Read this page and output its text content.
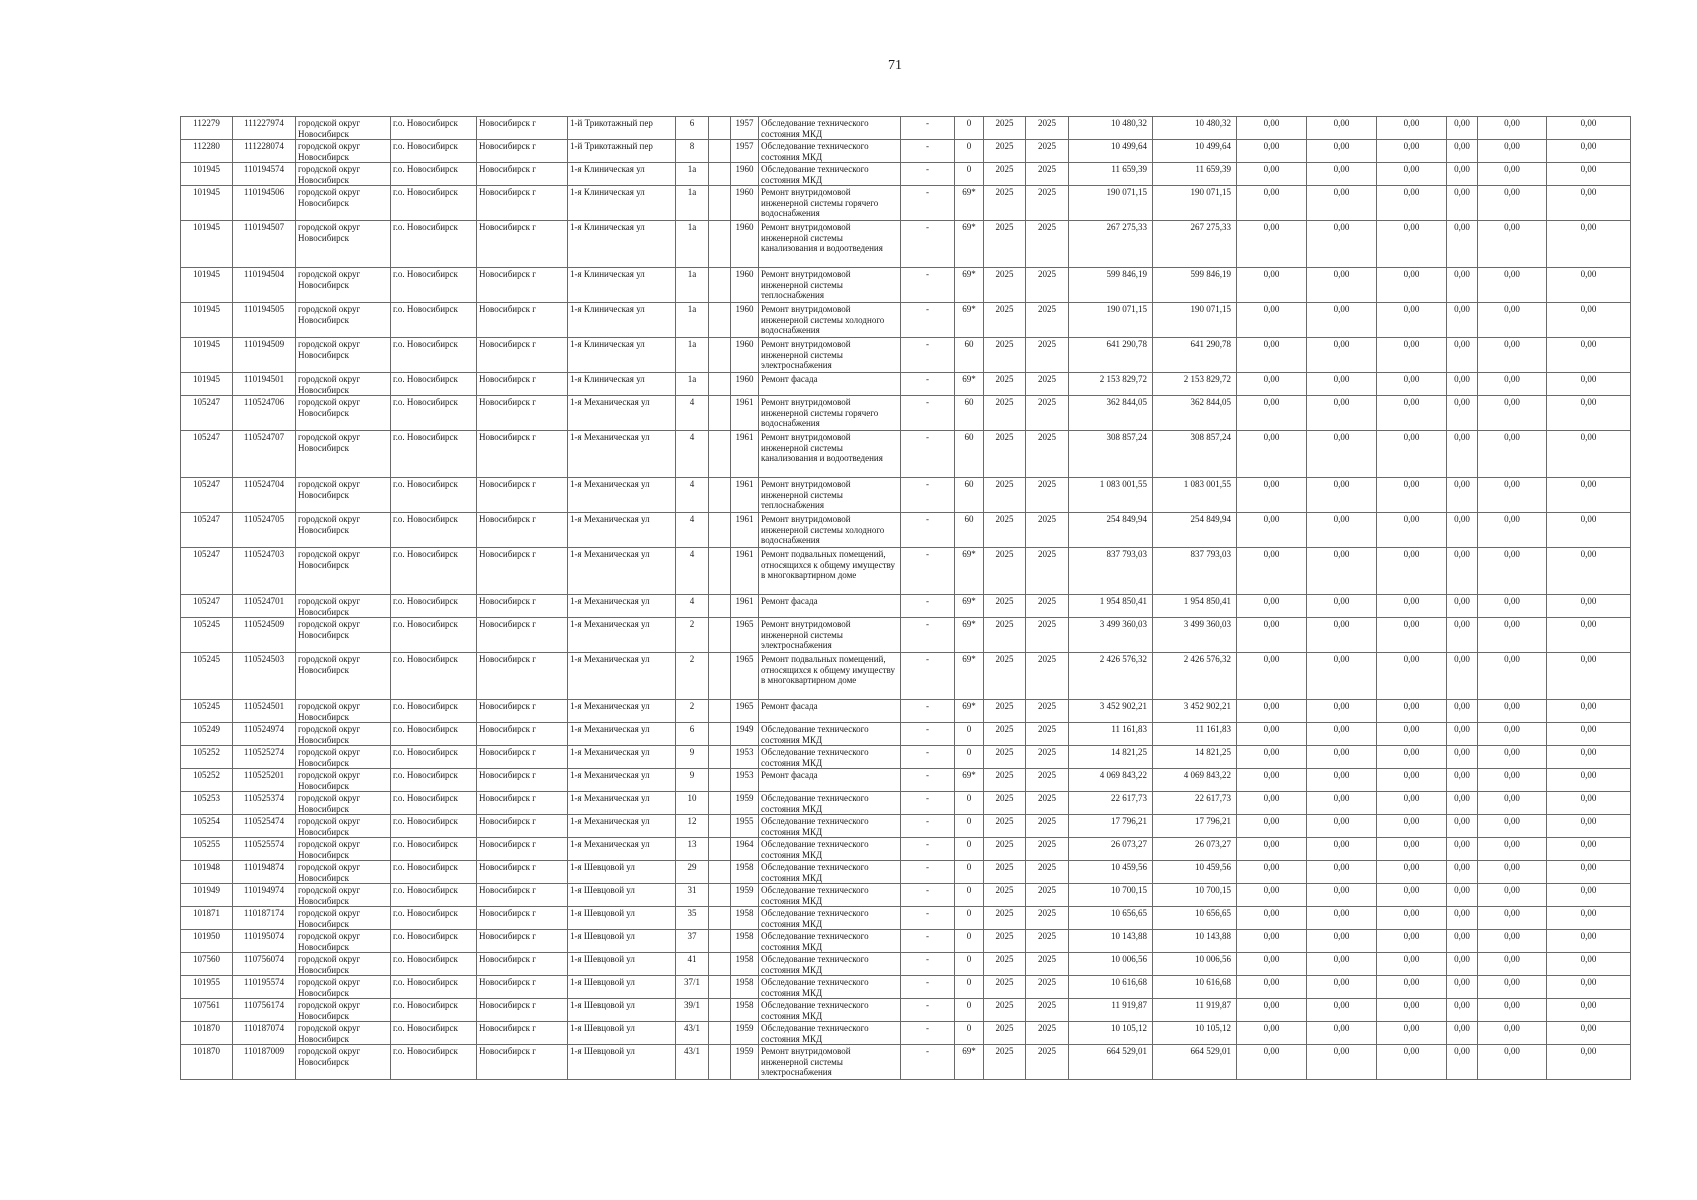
71
112279	111227974	городской округ Новосибирск	г.о. Новосибирск	Новосибирск г	1-й Трикотажный пер	6		1957	Обследование технического состояния МКД	-	0	2025	2025	10 480,32	10 480,32	0,00	0,00	0,00	0,00	0,00	0,00
112280	111228074	городской округ Новосибирск	г.о. Новосибирск	Новосибирск г	1-й Трикотажный пер	8		1957	Обследование технического состояния МКД	-	0	2025	2025	10 499,64	10 499,64	0,00	0,00	0,00	0,00	0,00	0,00
101945	110194574	городской округ Новосибирск	г.о. Новосибирск	Новосибирск г	1-я Клиническая ул	1а		1960	Обследование технического состояния МКД	-	0	2025	2025	11 659,39	11 659,39	0,00	0,00	0,00	0,00	0,00	0,00
101945	110194506	городской округ Новосибирск	г.о. Новосибирск	Новосибирск г	1-я Клиническая ул	1а		1960	Ремонт внутридомовой инженерной системы горячего водоснабжения	-	69*	2025	2025	190 071,15	190 071,15	0,00	0,00	0,00	0,00	0,00	0,00
101945	110194507	городской округ Новосибирск	г.о. Новосибирск	Новосибирск г	1-я Клиническая ул	1а		1960	Ремонт внутридомовой инженерной системы канализования и водоотведения	-	69*	2025	2025	267 275,33	267 275,33	0,00	0,00	0,00	0,00	0,00	0,00
101945	110194504	городской округ Новосибирск	г.о. Новосибирск	Новосибирск г	1-я Клиническая ул	1а		1960	Ремонт внутридомовой инженерной системы теплоснабжения	-	69*	2025	2025	599 846,19	599 846,19	0,00	0,00	0,00	0,00	0,00	0,00
101945	110194505	городской округ Новосибирск	г.о. Новосибирск	Новосибирск г	1-я Клиническая ул	1а		1960	Ремонт внутридомовой инженерной системы холодного водоснабжения	-	69*	2025	2025	190 071,15	190 071,15	0,00	0,00	0,00	0,00	0,00	0,00
101945	110194509	городской округ Новосибирск	г.о. Новосибирск	Новосибирск г	1-я Клиническая ул	1а		1960	Ремонт внутридомовой инженерной системы электроснабжения	-	60	2025	2025	641 290,78	641 290,78	0,00	0,00	0,00	0,00	0,00	0,00
101945	110194501	городской округ Новосибирск	г.о. Новосибирск	Новосибирск г	1-я Клиническая ул	1а		1960	Ремонт фасада	-	69*	2025	2025	2 153 829,72	2 153 829,72	0,00	0,00	0,00	0,00	0,00	0,00
105247	110524706	городской округ Новосибирск	г.о. Новосибирск	Новосибирск г	1-я Механическая ул	4		1961	Ремонт внутридомовой инженерной системы горячего водоснабжения	-	60	2025	2025	362 844,05	362 844,05	0,00	0,00	0,00	0,00	0,00	0,00
105247	110524707	городской округ Новосибирск	г.о. Новосибирск	Новосибирск г	1-я Механическая ул	4		1961	Ремонт внутридомовой инженерной системы канализования и водоотведения	-	60	2025	2025	308 857,24	308 857,24	0,00	0,00	0,00	0,00	0,00	0,00
105247	110524704	городской округ Новосибирск	г.о. Новосибирск	Новосибирск г	1-я Механическая ул	4		1961	Ремонт внутридомовой инженерной системы теплоснабжения	-	60	2025	2025	1 083 001,55	1 083 001,55	0,00	0,00	0,00	0,00	0,00	0,00
105247	110524705	городской округ Новосибирск	г.о. Новосибирск	Новосибирск г	1-я Механическая ул	4		1961	Ремонт внутридомовой инженерной системы холодного водоснабжения	-	60	2025	2025	254 849,94	254 849,94	0,00	0,00	0,00	0,00	0,00	0,00
105247	110524703	городской округ Новосибирск	г.о. Новосибирск	Новосибирск г	1-я Механическая ул	4		1961	Ремонт подвальных помещений, относящихся к общему имуществу в многоквартирном доме	-	69*	2025	2025	837 793,03	837 793,03	0,00	0,00	0,00	0,00	0,00	0,00
105247	110524701	городской округ Новосибирск	г.о. Новосибирск	Новосибирск г	1-я Механическая ул	4		1961	Ремонт фасада	-	69*	2025	2025	1 954 850,41	1 954 850,41	0,00	0,00	0,00	0,00	0,00	0,00
105245	110524509	городской округ Новосибирск	г.о. Новосибирск	Новосибирск г	1-я Механическая ул	2		1965	Ремонт внутридомовой инженерной системы электроснабжения	-	69*	2025	2025	3 499 360,03	3 499 360,03	0,00	0,00	0,00	0,00	0,00	0,00
105245	110524503	городской округ Новосибирск	г.о. Новосибирск	Новосибирск г	1-я Механическая ул	2		1965	Ремонт подвальных помещений, относящихся к общему имуществу в многоквартирном доме	-	69*	2025	2025	2 426 576,32	2 426 576,32	0,00	0,00	0,00	0,00	0,00	0,00
105245	110524501	городской округ Новосибирск	г.о. Новосибирск	Новосибирск г	1-я Механическая ул	2		1965	Ремонт фасада	-	69*	2025	2025	3 452 902,21	3 452 902,21	0,00	0,00	0,00	0,00	0,00	0,00
105249	110524974	городской округ Новосибирск	г.о. Новосибирск	Новосибирск г	1-я Механическая ул	6		1949	Обследование технического состояния МКД	-	0	2025	2025	11 161,83	11 161,83	0,00	0,00	0,00	0,00	0,00	0,00
105252	110525274	городской округ Новосибирск	г.о. Новосибирск	Новосибирск г	1-я Механическая ул	9		1953	Обследование технического состояния МКД	-	0	2025	2025	14 821,25	14 821,25	0,00	0,00	0,00	0,00	0,00	0,00
105252	110525201	городской округ Новосибирск	г.о. Новосибирск	Новосибирск г	1-я Механическая ул	9		1953	Ремонт фасада	-	69*	2025	2025	4 069 843,22	4 069 843,22	0,00	0,00	0,00	0,00	0,00	0,00
105253	110525374	городской округ Новосибирск	г.о. Новосибирск	Новосибирск г	1-я Механическая ул	10		1959	Обследование технического состояния МКД	-	0	2025	2025	22 617,73	22 617,73	0,00	0,00	0,00	0,00	0,00	0,00
105254	110525474	городской округ Новосибирск	г.о. Новосибирск	Новосибирск г	1-я Механическая ул	12		1955	Обследование технического состояния МКД	-	0	2025	2025	17 796,21	17 796,21	0,00	0,00	0,00	0,00	0,00	0,00
105255	110525574	городской округ Новосибирск	г.о. Новосибирск	Новосибирск г	1-я Механическая ул	13		1964	Обследование технического состояния МКД	-	0	2025	2025	26 073,27	26 073,27	0,00	0,00	0,00	0,00	0,00	0,00
101948	110194874	городской округ Новосибирск	г.о. Новосибирск	Новосибирск г	1-я Шевцовой ул	29		1958	Обследование технического состояния МКД	-	0	2025	2025	10 459,56	10 459,56	0,00	0,00	0,00	0,00	0,00	0,00
101949	110194974	городской округ Новосибирск	г.о. Новосибирск	Новосибирск г	1-я Шевцовой ул	31		1959	Обследование технического состояния МКД	-	0	2025	2025	10 700,15	10 700,15	0,00	0,00	0,00	0,00	0,00	0,00
101871	110187174	городской округ Новосибирск	г.о. Новосибирск	Новосибирск г	1-я Шевцовой ул	35		1958	Обследование технического состояния МКД	-	0	2025	2025	10 656,65	10 656,65	0,00	0,00	0,00	0,00	0,00	0,00
101950	110195074	городской округ Новосибирск	г.о. Новосибирск	Новосибирск г	1-я Шевцовой ул	37		1958	Обследование технического состояния МКД	-	0	2025	2025	10 143,88	10 143,88	0,00	0,00	0,00	0,00	0,00	0,00
107560	110756074	городской округ Новосибирск	г.о. Новосибирск	Новосибирск г	1-я Шевцовой ул	41		1958	Обследование технического состояния МКД	-	0	2025	2025	10 006,56	10 006,56	0,00	0,00	0,00	0,00	0,00	0,00
101955	110195574	городской округ Новосибирск	г.о. Новосибирск	Новосибирск г	1-я Шевцовой ул	37/1		1958	Обследование технического состояния МКД	-	0	2025	2025	10 616,68	10 616,68	0,00	0,00	0,00	0,00	0,00	0,00
107561	110756174	городской округ Новосибирск	г.о. Новосибирск	Новосибирск г	1-я Шевцовой ул	39/1		1958	Обследование технического состояния МКД	-	0	2025	2025	11 919,87	11 919,87	0,00	0,00	0,00	0,00	0,00	0,00
101870	110187074	городской округ Новосибирск	г.о. Новосибирск	Новосибирск г	1-я Шевцовой ул	43/1		1959	Обследование технического состояния МКД	-	0	2025	2025	10 105,12	10 105,12	0,00	0,00	0,00	0,00	0,00	0,00
101870	110187009	городской округ Новосибирск	г.о. Новосибирск	Новосибирск г	1-я Шевцовой ул	43/1		1959	Ремонт внутридомовой инженерной системы электроснабжения	-	69*	2025	2025	664 529,01	664 529,01	0,00	0,00	0,00	0,00	0,00	0,00
